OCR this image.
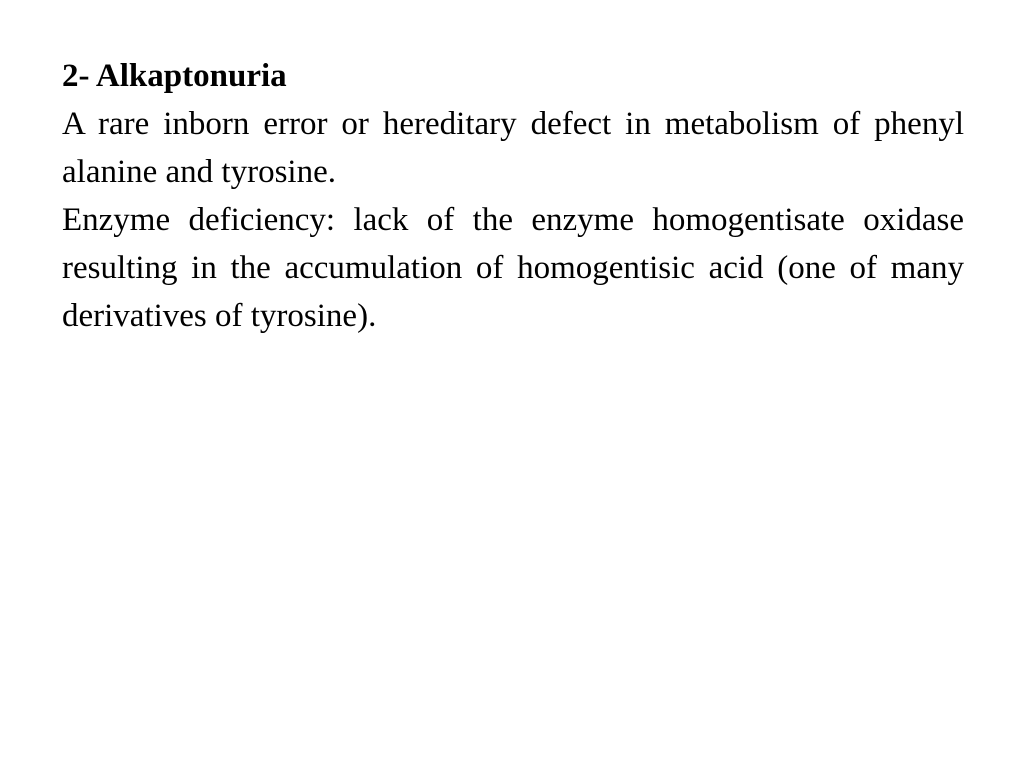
2- Alkaptonuria

A rare inborn error or hereditary defect in metabolism of phenyl alanine and tyrosine.

Enzyme deficiency: lack of the enzyme homogentisate oxidase resulting in the accumulation of homogentisic acid (one of many derivatives of tyrosine).
